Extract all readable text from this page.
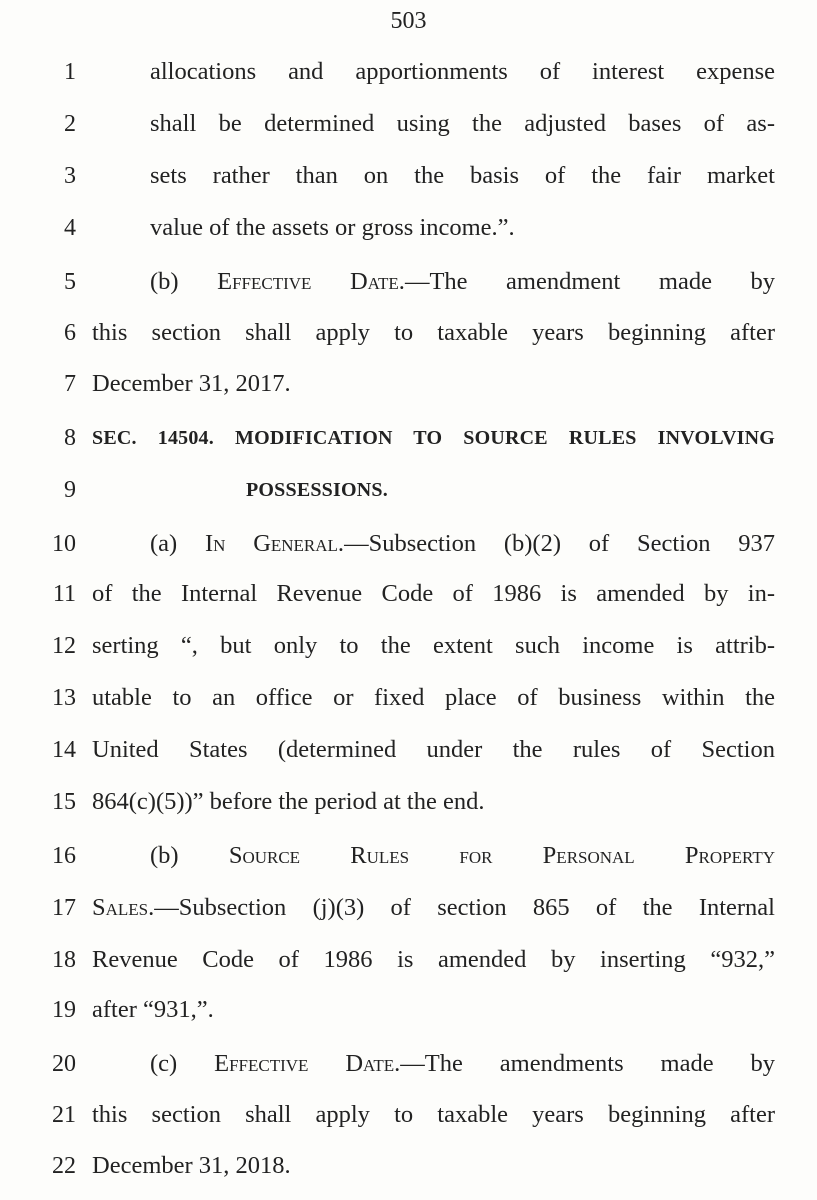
503
1	allocations and apportionments of interest expense
2	shall be determined using the adjusted bases of as-
3	sets rather than on the basis of the fair market
4	value of the assets or gross income.”.
5	(b) Effective Date.—The amendment made by
6 this section shall apply to taxable years beginning after
7 December 31, 2017.
8 SEC. 14504. MODIFICATION TO SOURCE RULES INVOLVING
9	POSSESSIONS.
10	(a) In General.—Subsection (b)(2) of Section 937
11 of the Internal Revenue Code of 1986 is amended by in-
12 serting “, but only to the extent such income is attrib-
13 utable to an office or fixed place of business within the
14 United States (determined under the rules of Section
15 864(c)(5))” before the period at the end.
16	(b) Source Rules for Personal Property
17 Sales.—Subsection (j)(3) of section 865 of the Internal
18 Revenue Code of 1986 is amended by inserting “932,”
19 after “931,”.
20	(c) Effective Date.—The amendments made by
21 this section shall apply to taxable years beginning after
22 December 31, 2018.
